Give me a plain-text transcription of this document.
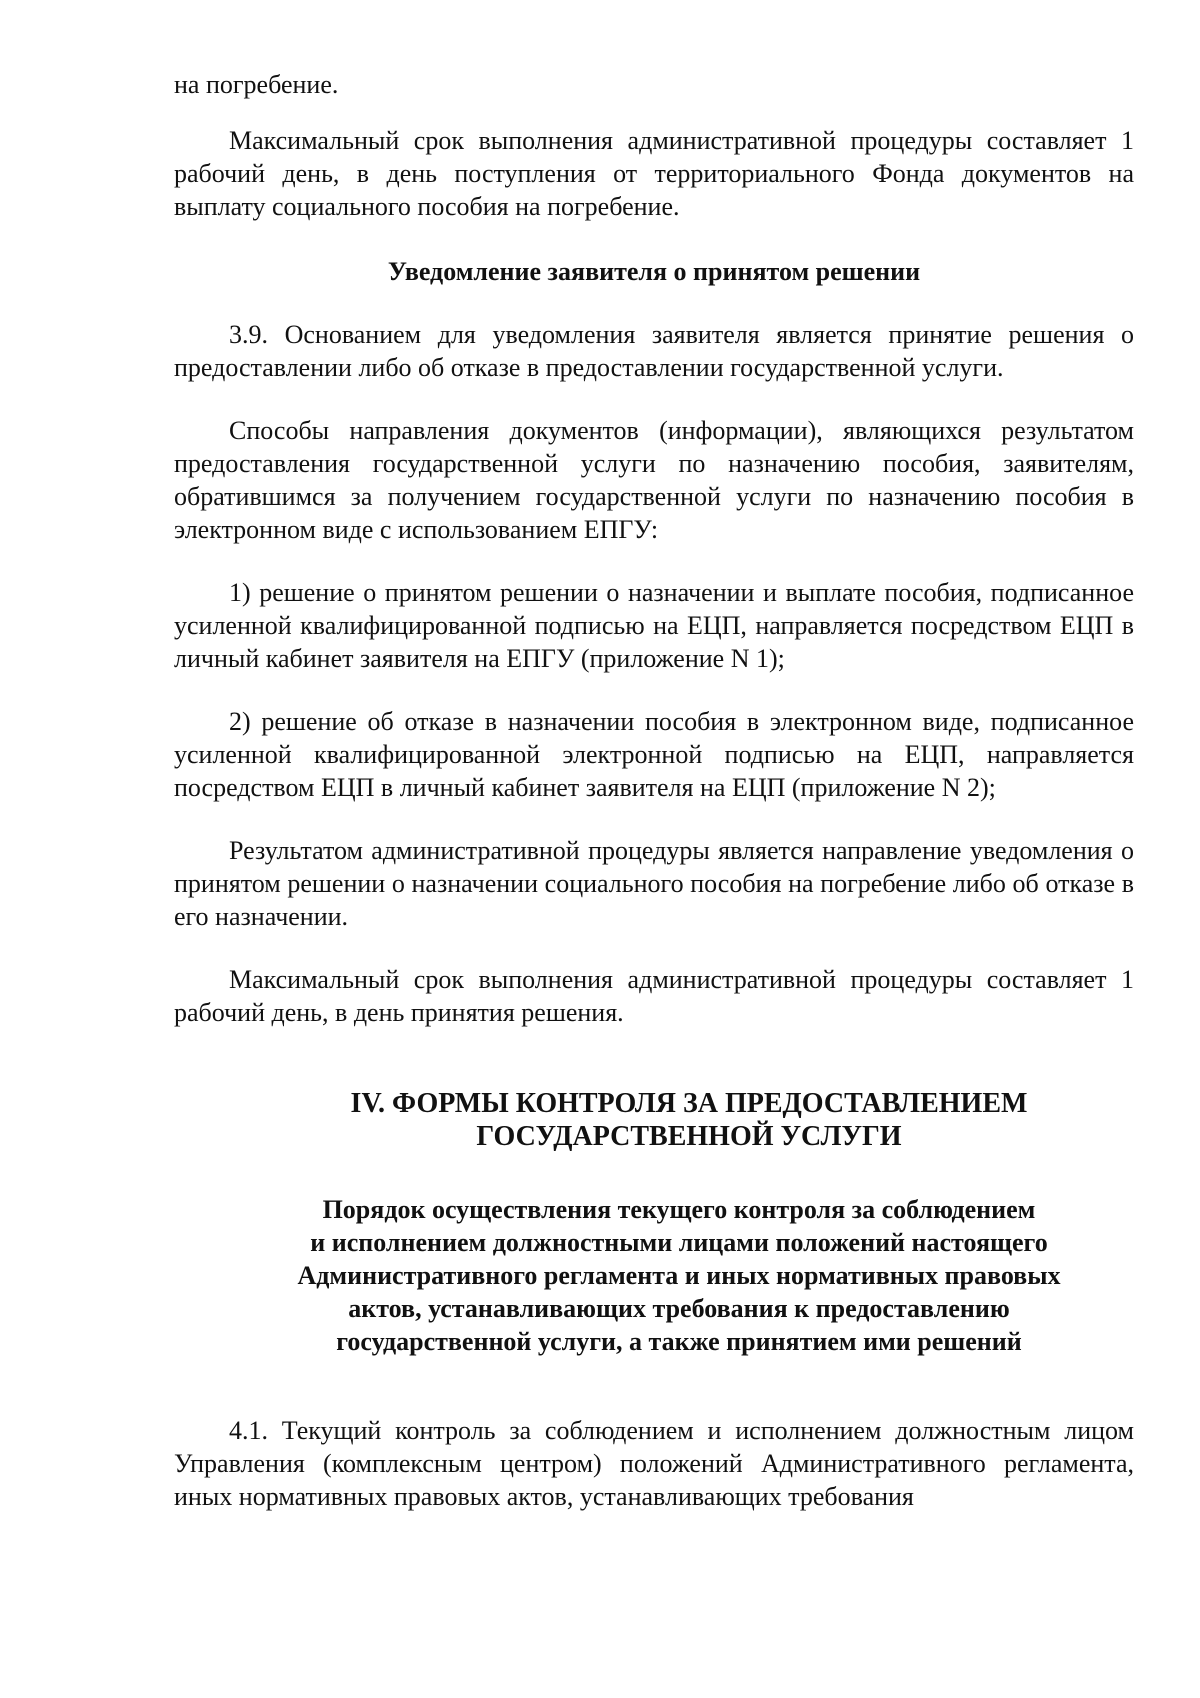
на погребение.

Максимальный срок выполнения административной процедуры составляет 1 рабочий день, в день поступления от территориального Фонда документов на выплату социального пособия на погребение.

Уведомление заявителя о принятом решении

3.9. Основанием для уведомления заявителя является принятие решения о предоставлении либо об отказе в предоставлении государственной услуги.

Способы направления документов (информации), являющихся результатом предоставления государственной услуги по назначению пособия, заявителям, обратившимся за получением государственной услуги по назначению пособия в электронном виде с использованием ЕПГУ:

1) решение о принятом решении о назначении и выплате пособия, подписанное усиленной квалифицированной подписью на ЕЦП, направляется посредством ЕЦП в личный кабинет заявителя на ЕПГУ (приложение N 1);

2) решение об отказе в назначении пособия в электронном виде, подписанное усиленной квалифицированной электронной подписью на ЕЦП, направляется посредством ЕЦП в личный кабинет заявителя на ЕЦП (приложение N 2);

Результатом административной процедуры является направление уведомления о принятом решении о назначении социального пособия на погребение либо об отказе в его назначении.

Максимальный срок выполнения административной процедуры составляет 1 рабочий день, в день принятия решения.

IV. ФОРМЫ КОНТРОЛЯ ЗА ПРЕДОСТАВЛЕНИЕМ
ГОСУДАРСТВЕННОЙ УСЛУГИ
Порядок осуществления текущего контроля за соблюдением
и исполнением должностными лицами положений настоящего
Административного регламента и иных нормативных правовых
актов, устанавливающих требования к предоставлению
государственной услуги, а также принятием ими решений

4.1. Текущий контроль за соблюдением и исполнением должностным лицом Управления (комплексным центром) положений Административного регламента, иных нормативных правовых актов, устанавливающих требования
